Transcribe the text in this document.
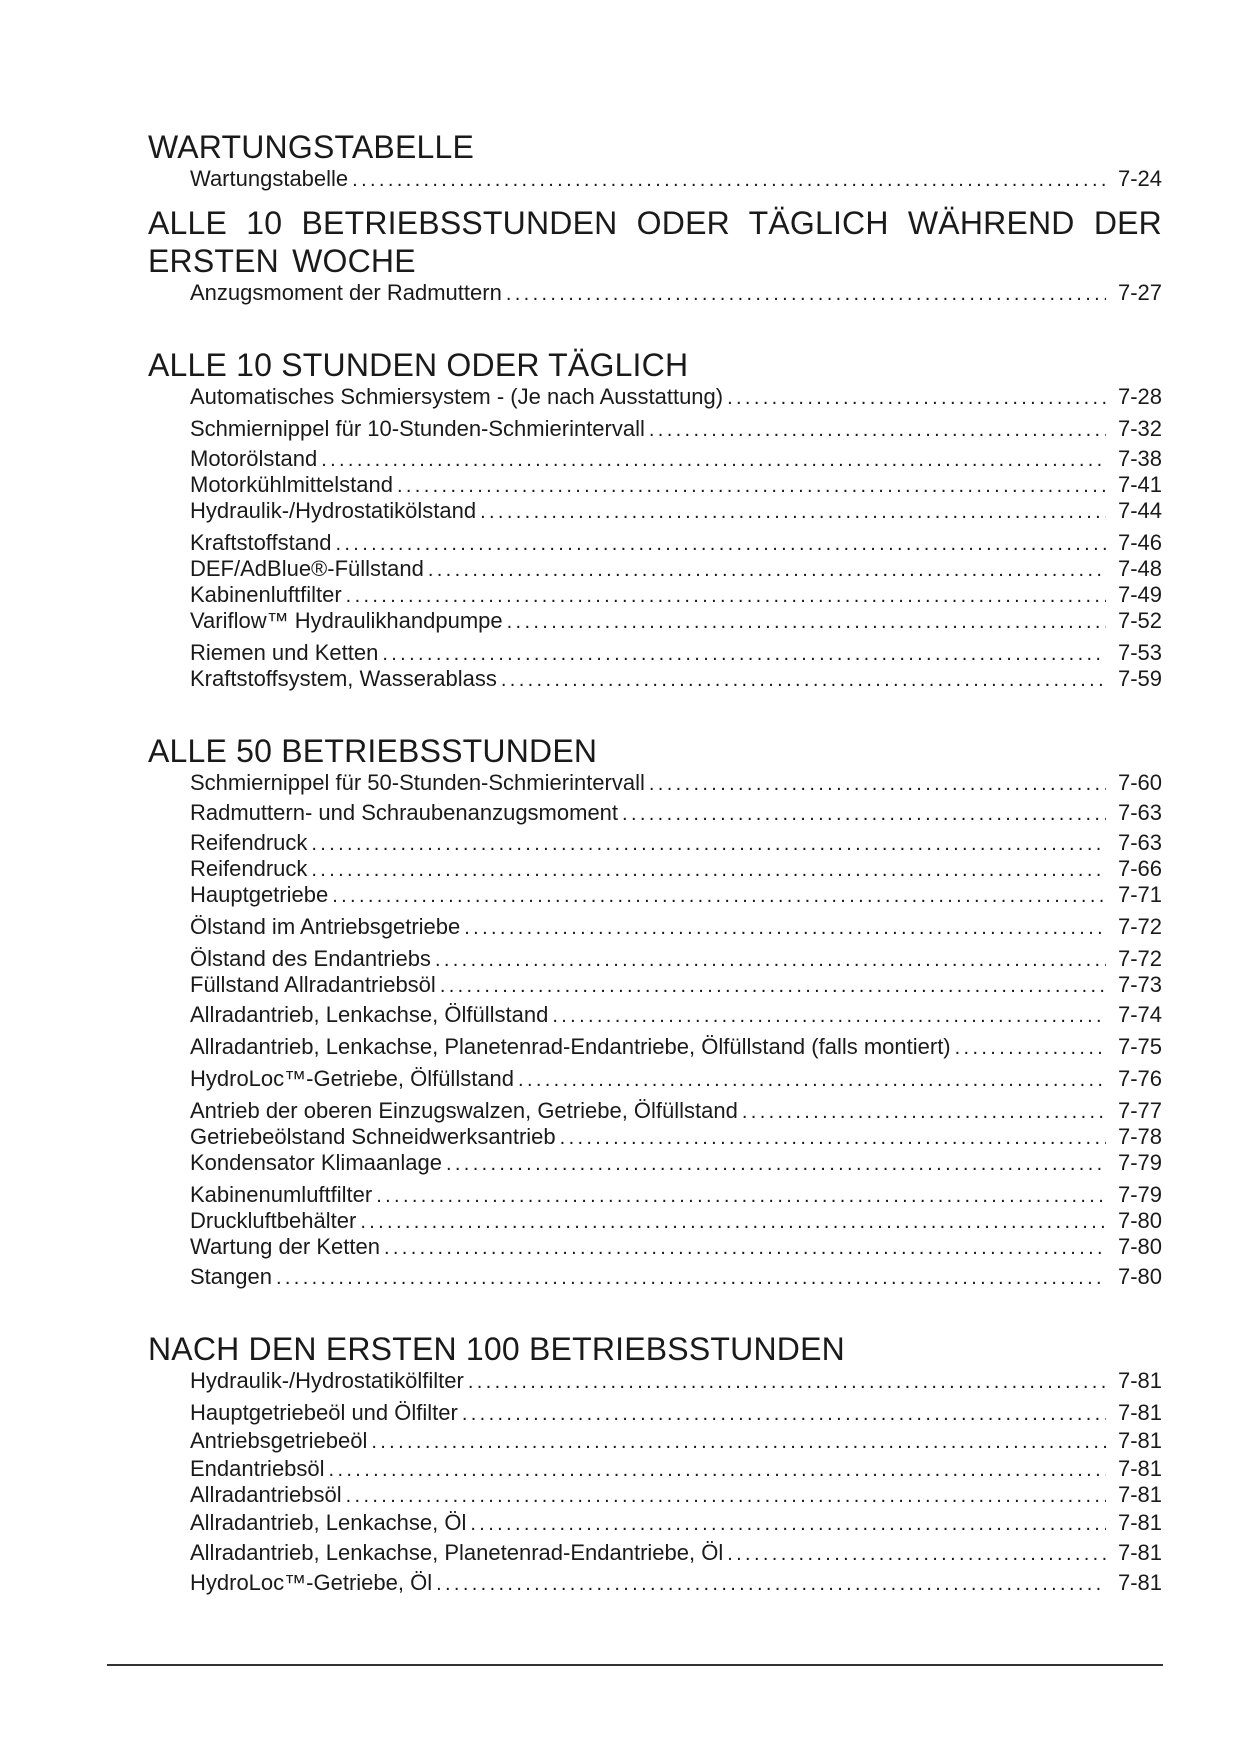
WARTUNGSTABELLE
Wartungstabelle . . .	7-24
ALLE 10 BETRIEBSSTUNDEN ODER TÄGLICH WÄHREND DER ERSTEN WOCHE
Anzugsmoment der Radmuttern . . .	7-27
ALLE 10 STUNDEN ODER TÄGLICH
Automatisches Schmiersystem - (Je nach Ausstattung) . . .	7-28
Schmiernippel für 10-Stunden-Schmierintervall . . .	7-32
Motorölstand . . .	7-38
Motorkühlmittelstand . . .	7-41
Hydraulik-/Hydrostatikölstand . . .	7-44
Kraftstoffstand . . .	7-46
DEF/AdBlue®-Füllstand . . .	7-48
Kabinenluftfilter . . .	7-49
Variflow™ Hydraulikhandpumpe . . .	7-52
Riemen und Ketten . . .	7-53
Kraftstoffsystem, Wasserablass . . .	7-59
ALLE 50 BETRIEBSSTUNDEN
Schmiernippel für 50-Stunden-Schmierintervall . . .	7-60
Radmuttern- und Schraubenanzugsmoment . . .	7-63
Reifendruck . . .	7-63
Reifendruck . . .	7-66
Hauptgetriebe . . .	7-71
Ölstand im Antriebsgetriebe . . .	7-72
Ölstand des Endantriebs . . .	7-72
Füllstand Allradantriebsöl . . .	7-73
Allradantrieb, Lenkachse, Ölfüllstand . . .	7-74
Allradantrieb, Lenkachse, Planetenrad-Endantriebe, Ölfüllstand (falls montiert) . . .	7-75
HydroLoc™-Getriebe, Ölfüllstand . . .	7-76
Antrieb der oberen Einzugswalzen, Getriebe, Ölfüllstand . . .	7-77
Getriebeölstand Schneidwerksantrieb . . .	7-78
Kondensator Klimaanlage . . .	7-79
Kabinenumluftfilter . . .	7-79
Druckluftbehälter . . .	7-80
Wartung der Ketten . . .	7-80
Stangen . . .	7-80
NACH DEN ERSTEN 100 BETRIEBSSTUNDEN
Hydraulik-/Hydrostatikölfilter . . .	7-81
Hauptgetriebeöl und Ölfilter . . .	7-81
Antriebsgetriebeöl . . .	7-81
Endantriebsöl . . .	7-81
Allradantriebsöl . . .	7-81
Allradantrieb, Lenkachse, Öl . . .	7-81
Allradantrieb, Lenkachse, Planetenrad-Endantriebe, Öl . . .	7-81
HydroLoc™-Getriebe, Öl . . .	7-81
